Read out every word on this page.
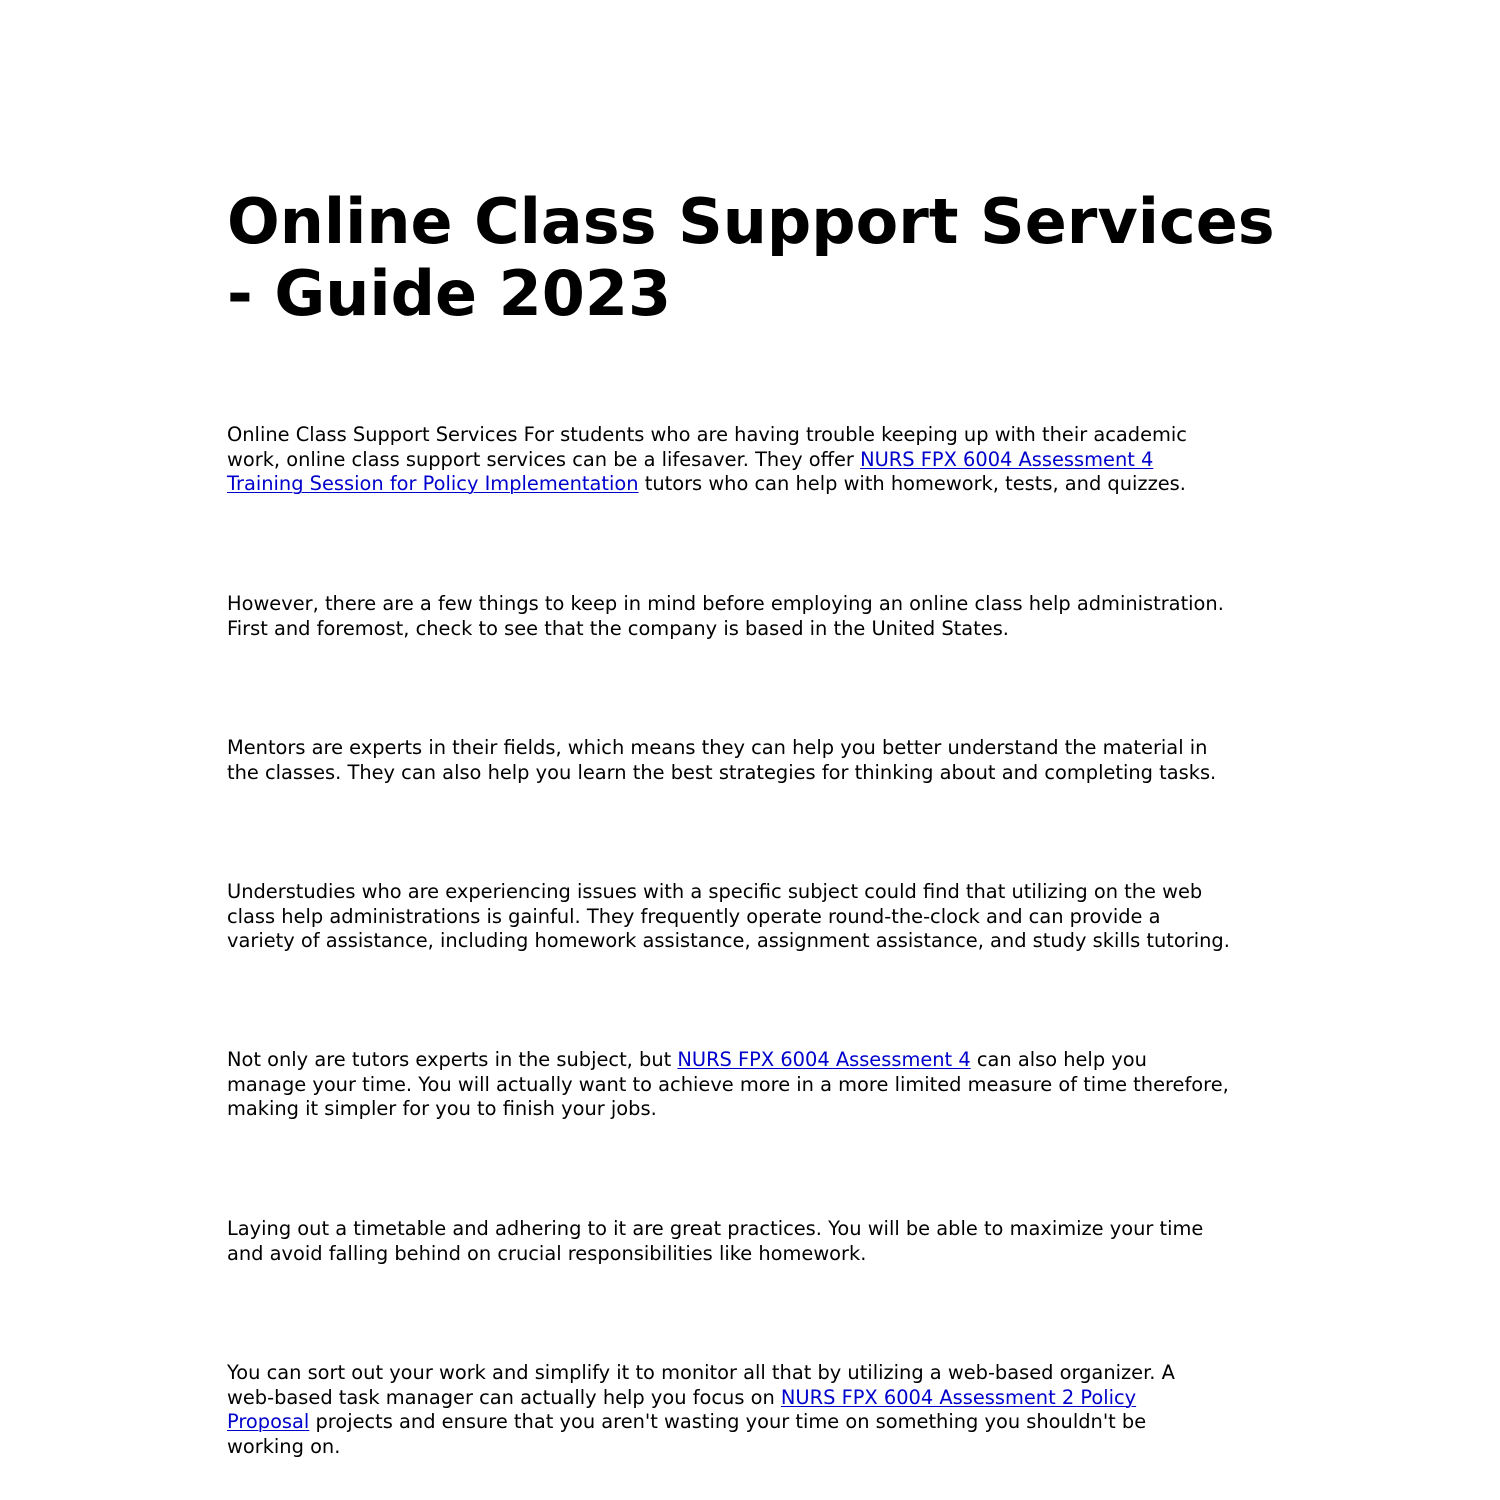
Online Class Support Services
- Guide 2023

Online Class Support Services For students who are having trouble keeping up with their academic
work, online class support services can be a lifesaver. They offer NURS FPX 6004 Assessment 4
Training Session for Policy Implementation tutors who can help with homework, tests, and quizzes.

However, there are a few things to keep in mind before employing an online class help administration.
First and foremost, check to see that the company is based in the United States.

Mentors are experts in their fields, which means they can help you better understand the material in
the classes. They can also help you learn the best strategies for thinking about and completing tasks.

Understudies who are experiencing issues with a specific subject could find that utilizing on the web
class help administrations is gainful. They frequently operate round-the-clock and can provide a
variety of assistance, including homework assistance, assignment assistance, and study skills tutoring.

Not only are tutors experts in the subject, but NURS FPX 6004 Assessment 4 can also help you
manage your time. You will actually want to achieve more in a more limited measure of time therefore,
making it simpler for you to finish your jobs.

Laying out a timetable and adhering to it are great practices. You will be able to maximize your time
and avoid falling behind on crucial responsibilities like homework.

You can sort out your work and simplify it to monitor all that by utilizing a web-based organizer. A
web-based task manager can actually help you focus on NURS FPX 6004 Assessment 2 Policy
Proposal projects and ensure that you aren't wasting your time on something you shouldn't be
working on.
